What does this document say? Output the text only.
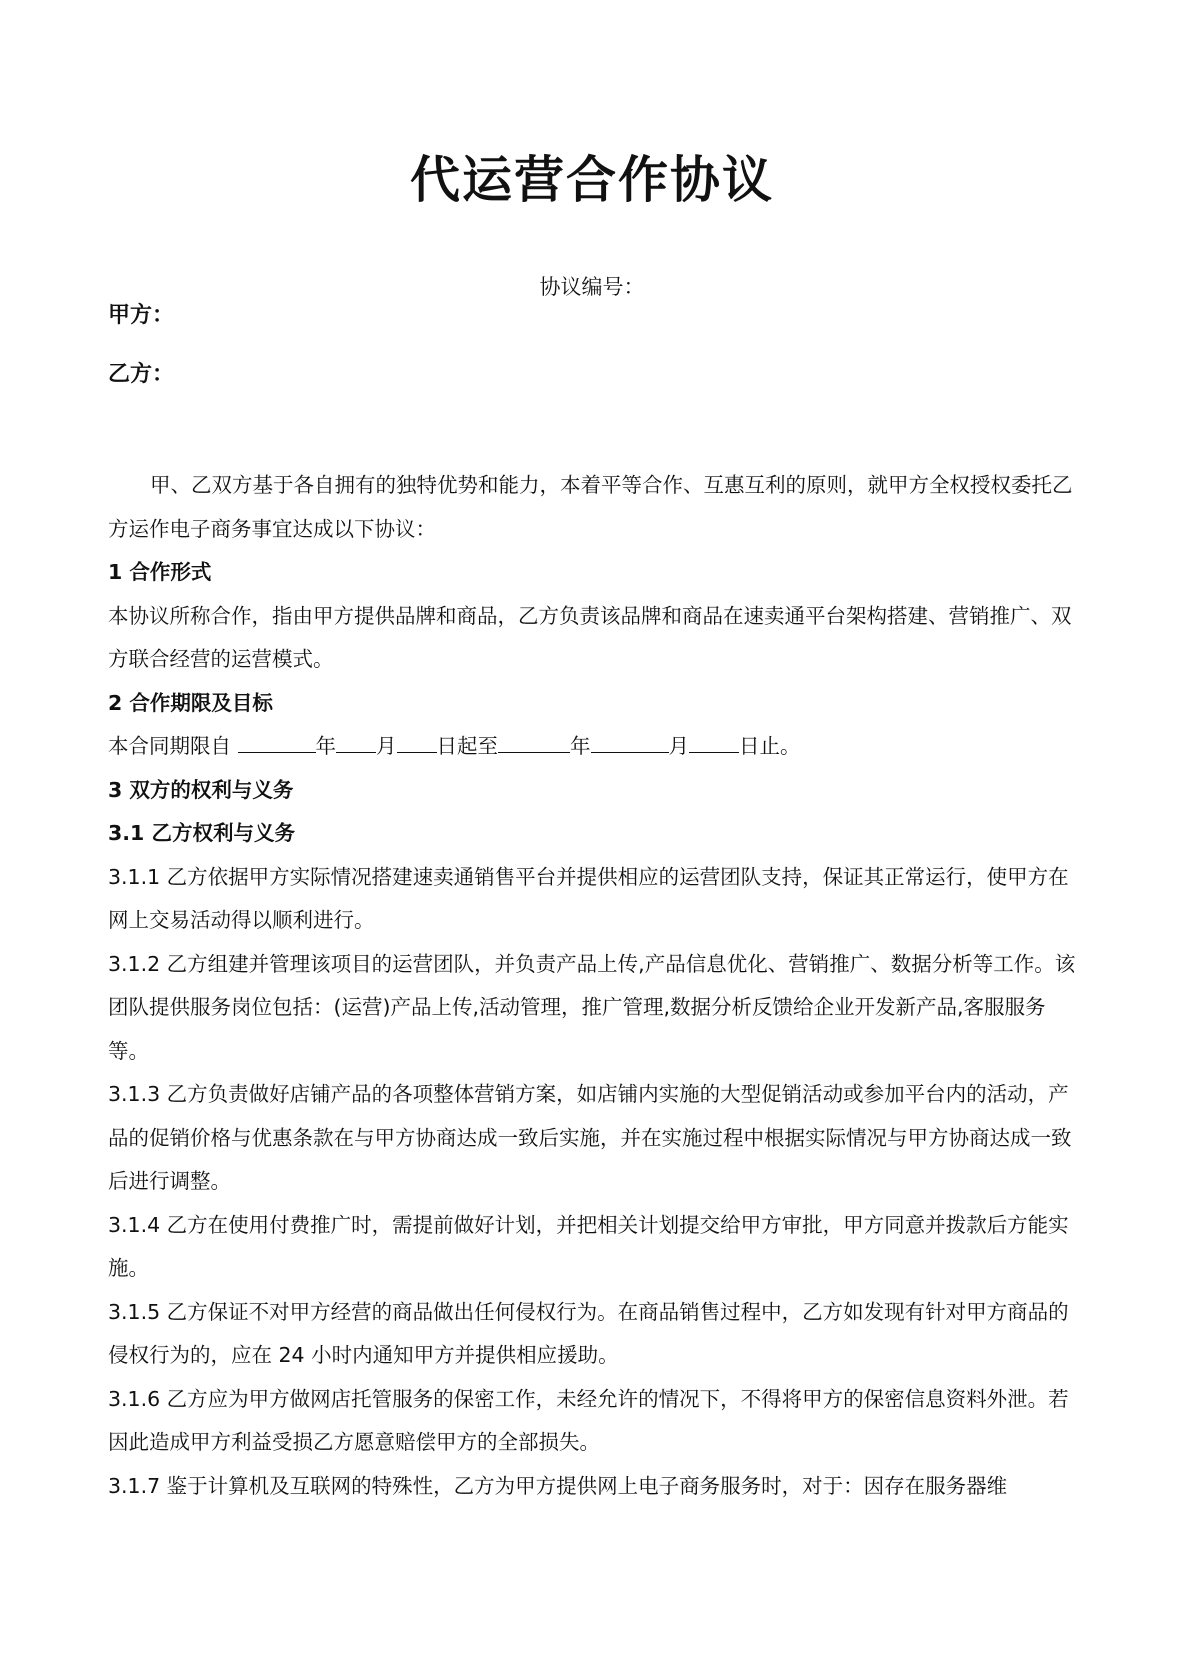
代运营合作协议
协议编号：
甲方：
乙方：

甲、乙双方基于各自拥有的独特优势和能力，本着平等合作、互惠互利的原则，就甲方全权授权委托乙方运作电子商务事宜达成以下协议：

1 合作形式

本协议所称合作，指由甲方提供品牌和商品，乙方负责该品牌和商品在速卖通平台架构搭建、营销推广、双方联合经营的运营模式。

2 合作期限及目标

本合同期限自	年 月 日起至	年	月 日止。

3 双方的权利与义务

3.1 乙方权利与义务

3.1.1 乙方依据甲方实际情况搭建速卖通销售平台并提供相应的运营团队支持，保证其正常运行，使甲方在网上交易活动得以顺利进行。

3.1.2 乙方组建并管理该项目的运营团队，并负责产品上传,产品信息优化、营销推广、数据分析等工作。该团队提供服务岗位包括：(运营)产品上传,活动管理，推广管理,数据分析反馈给企业开发新产品,客服服务等。

3.1.3 乙方负责做好店铺产品的各项整体营销方案，如店铺内实施的大型促销活动或参加平台内的活动，产品的促销价格与优惠条款在与甲方协商达成一致后实施，并在实施过程中根据实际情况与甲方协商达成一致后进行调整。

3.1.4 乙方在使用付费推广时，需提前做好计划，并把相关计划提交给甲方审批，甲方同意并拨款后方能实施。

3.1.5 乙方保证不对甲方经营的商品做出任何侵权行为。在商品销售过程中，乙方如发现有针对甲方商品的侵权行为的，应在 24 小时内通知甲方并提供相应援助。

3.1.6 乙方应为甲方做网店托管服务的保密工作，未经允许的情况下，不得将甲方的保密信息资料外泄。若因此造成甲方利益受损乙方愿意赔偿甲方的全部损失。

3.1.7 鉴于计算机及互联网的特殊性，乙方为甲方提供网上电子商务服务时，对于：因存在服务器维
